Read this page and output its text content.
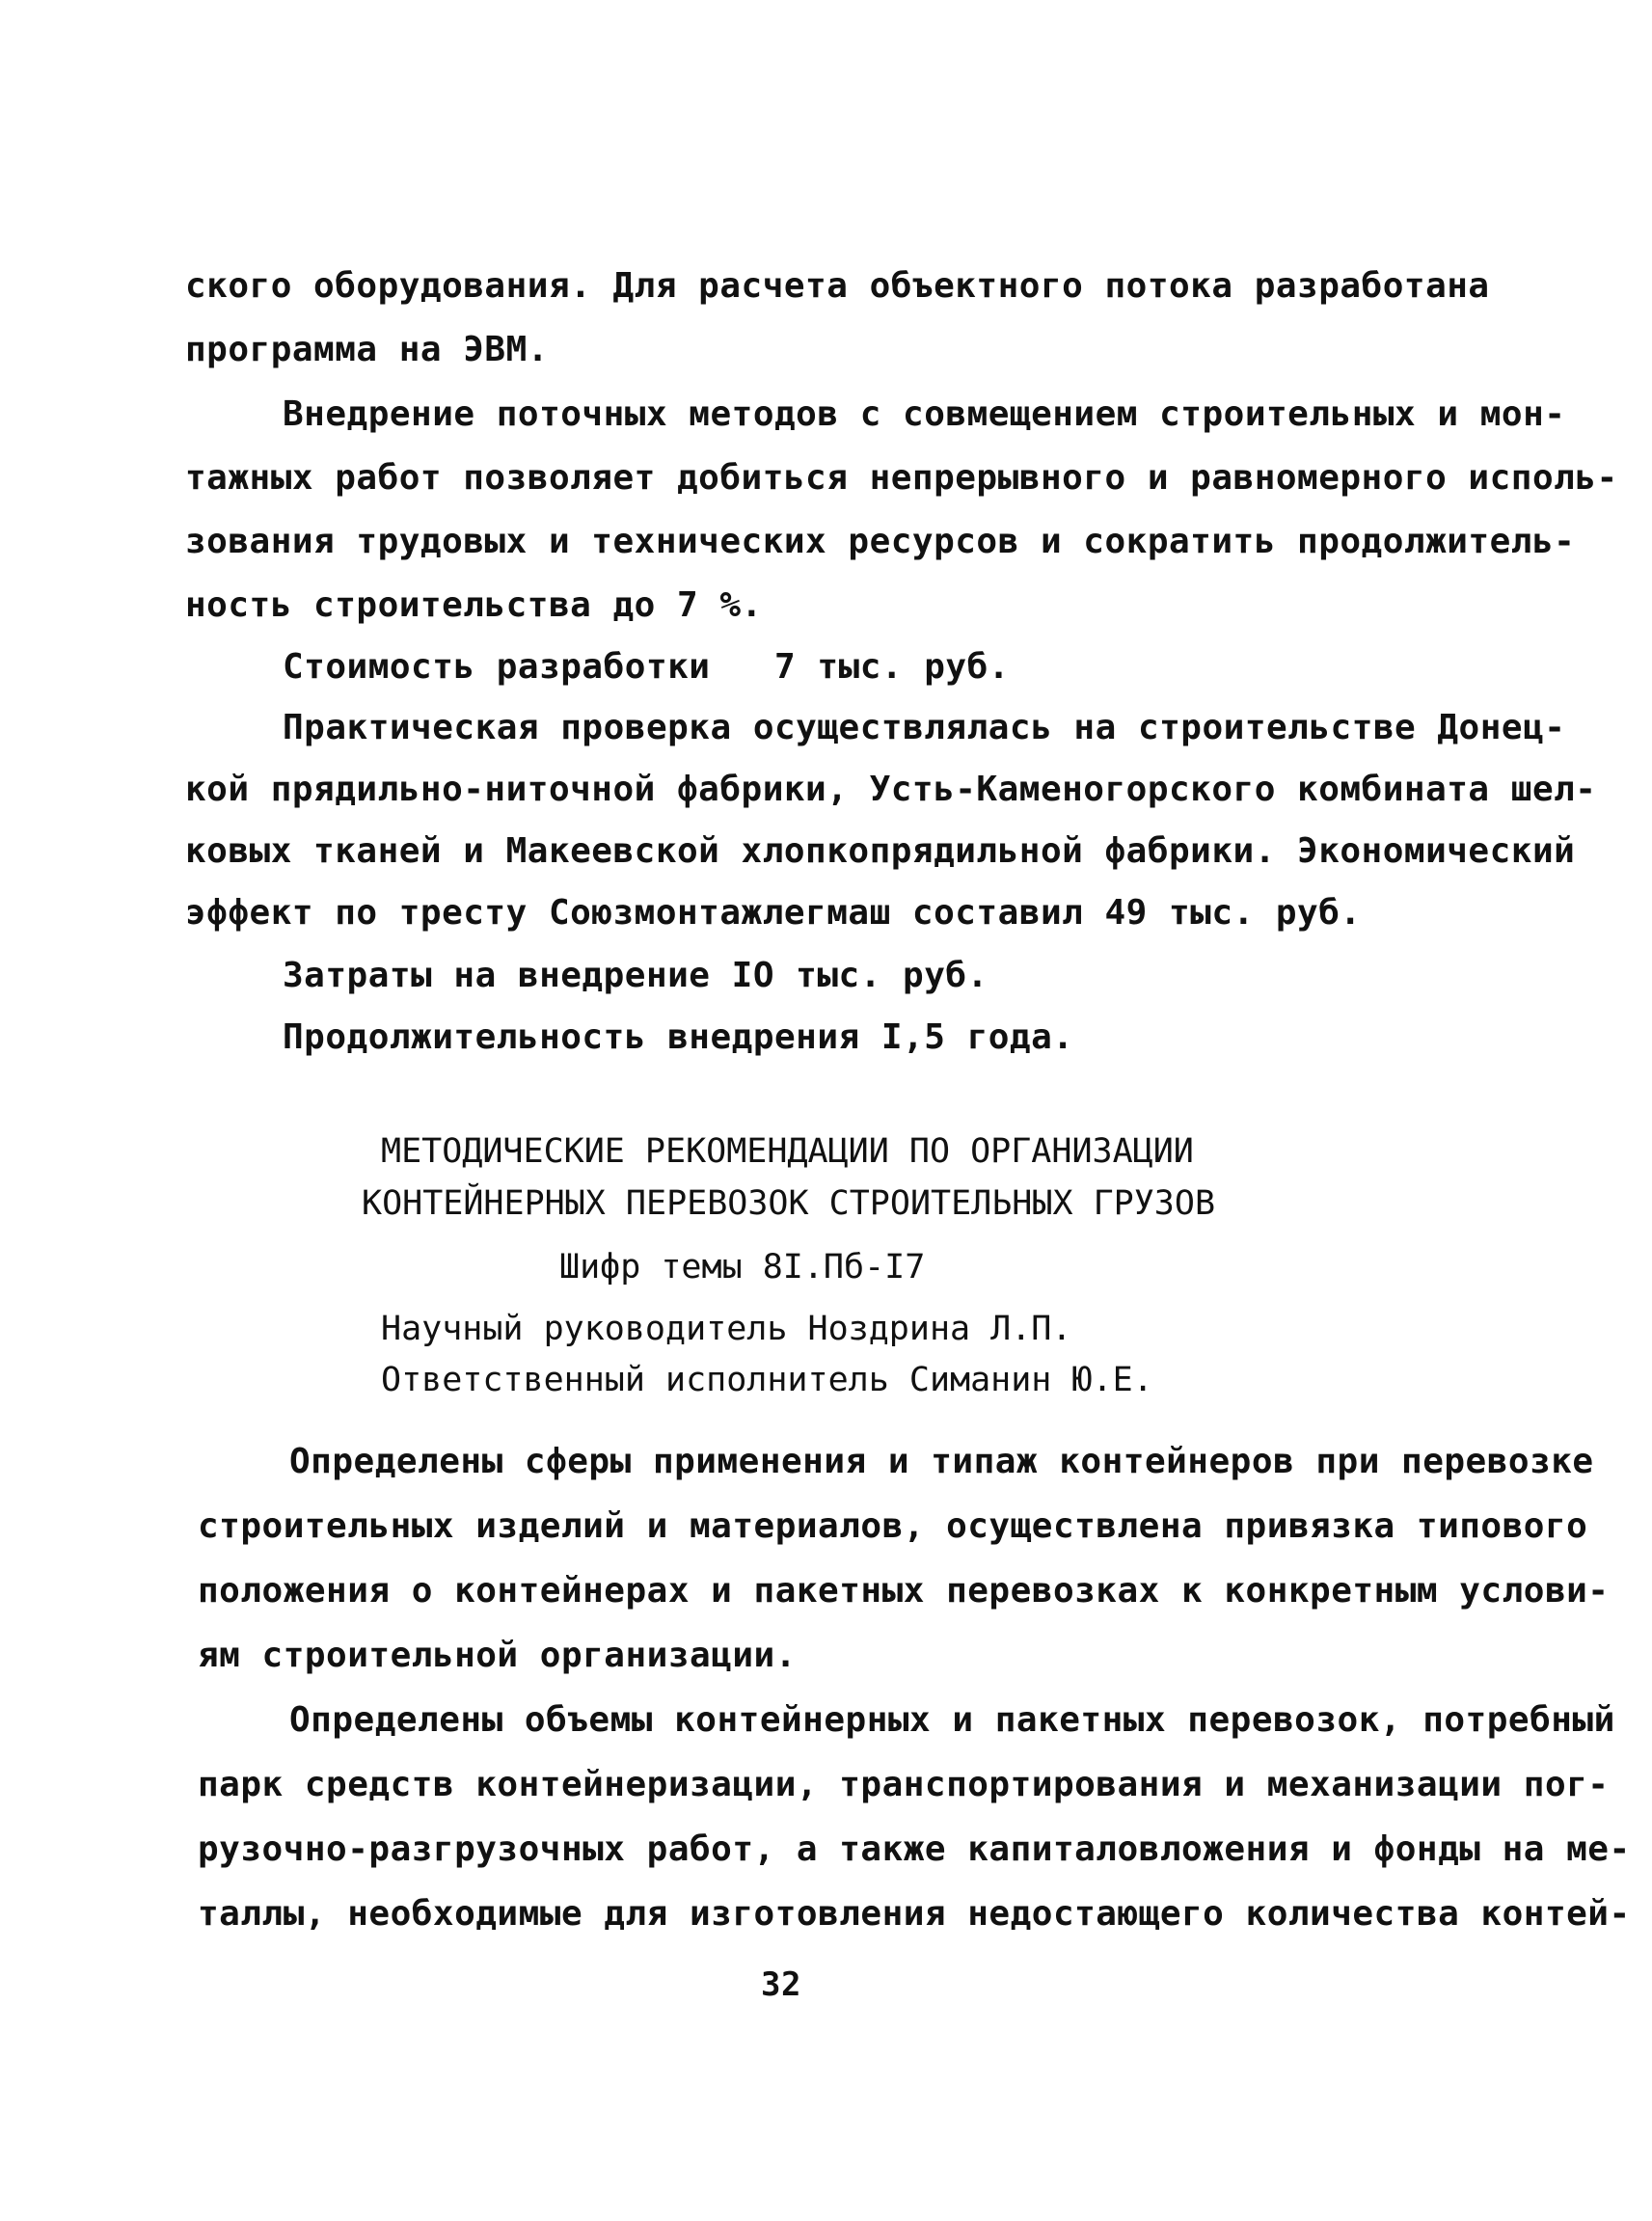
ского оборудования. Для расчета объектного потока разработана
программа на ЭВМ.
Внедрение поточных методов с совмещением строительных и мон-
тажных работ позволяет добиться непрерывного и равномерного исполь-
зования трудовых и технических ресурсов и сократить продолжитель-
ность строительства до 7 %.
Стоимость разработки   7 тыс. руб.
Практическая проверка осуществлялась на строительстве Донец-
кой прядильно-ниточной фабрики, Усть-Каменогорского комбината шел-
ковых тканей и Макеевской хлопкопрядильной фабрики. Экономический
эффект по тресту Союзмонтажлегмаш составил 49 тыс. руб.
Затраты на внедрение IO тыс. руб.
Продолжительность внедрения I,5 года.
МЕТОДИЧЕСКИЕ РЕКОМЕНДАЦИИ ПО ОРГАНИЗАЦИИ
КОНТЕЙНЕРНЫХ ПЕРЕВОЗОК СТРОИТЕЛЬНЫХ ГРУЗОВ
Шифр темы 8I.Пб-I7
Научный руководитель Ноздрина Л.П.
Ответственный исполнитель Симанин Ю.Е.
Определены сферы применения и типаж контейнеров при перевозке
строительных изделий и материалов, осуществлена привязка типового
положения о контейнерах и пакетных перевозках к конкретным услови-
ям строительной организации.
Определены объемы контейнерных и пакетных перевозок, потребный
парк средств контейнеризации, транспортирования и механизации пог-
рузочно-разгрузочных работ, а также капиталовложения и фонды на ме-
таллы, необходимые для изготовления недостающего количества контей-
32
